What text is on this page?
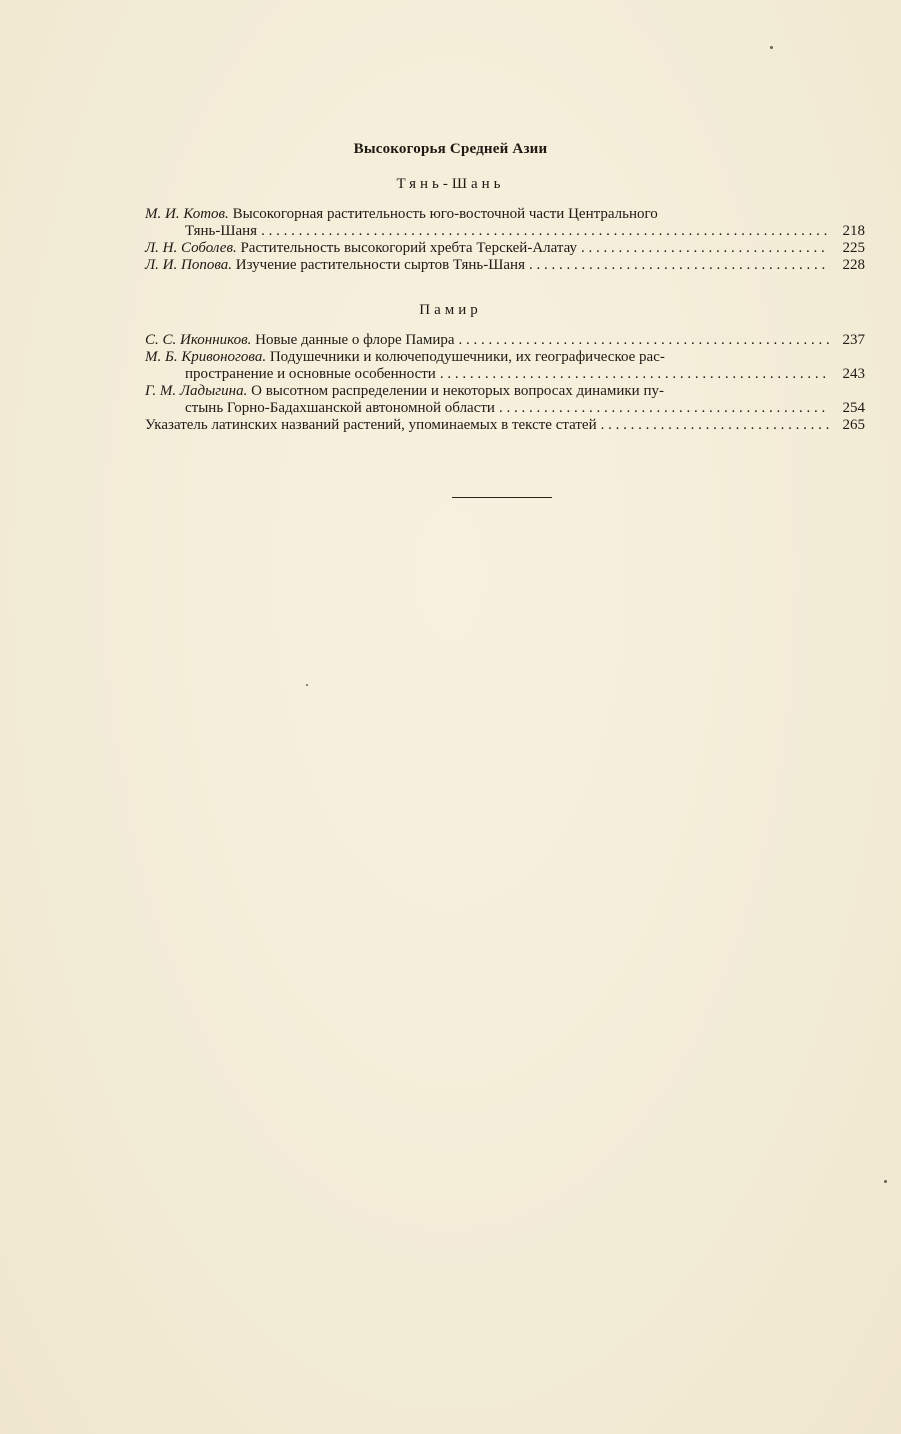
Высокогорья Средней Азии
Тянь-Шань
М. И. Котов. Высокогорная растительность юго-восточной части Центрального
Тянь-Шаня . . .	218
Л. Н. Соболев. Растительность высокогорий хребта Терскей-Алатау . . .	225
Л. И. Попова. Изучение растительности сыртов Тянь-Шаня . . .	228
Памир
С. С. Иконников. Новые данные о флоре Памира . . .	237
М. Б. Кривоногова. Подушечники и колючеподушечники, их географическое рас-
пространение и основные особенности . . .	243
Г. М. Ладыгина. О высотном распределении и некоторых вопросах динамики пу-
стынь Горно-Бадахшанской автономной области . . .	254
Указатель латинских названий растений, упоминаемых в тексте статей . . .	265
